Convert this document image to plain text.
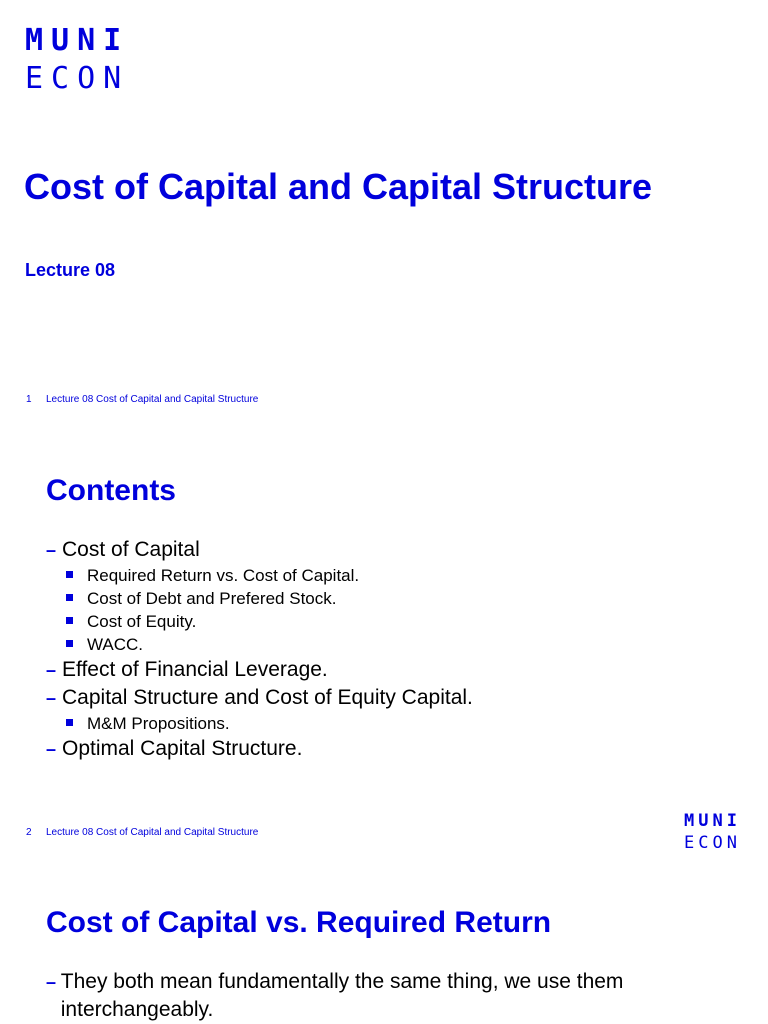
MUNI
ECON
Cost of Capital and Capital Structure
Lecture 08
1 Lecture 08 Cost of Capital and Capital Structure
Contents
– Cost of Capital
Required Return vs. Cost of Capital.
Cost of Debt and Prefered Stock.
Cost of Equity.
WACC.
– Effect of Financial Leverage.
– Capital Structure and Cost of Equity Capital.
M&M Propositions.
– Optimal Capital Structure.
2 Lecture 08 Cost of Capital and Capital Structure
MUNI
ECON
Cost of Capital vs. Required Return
– They both mean fundamentally the same thing, we use them interchangeably.
